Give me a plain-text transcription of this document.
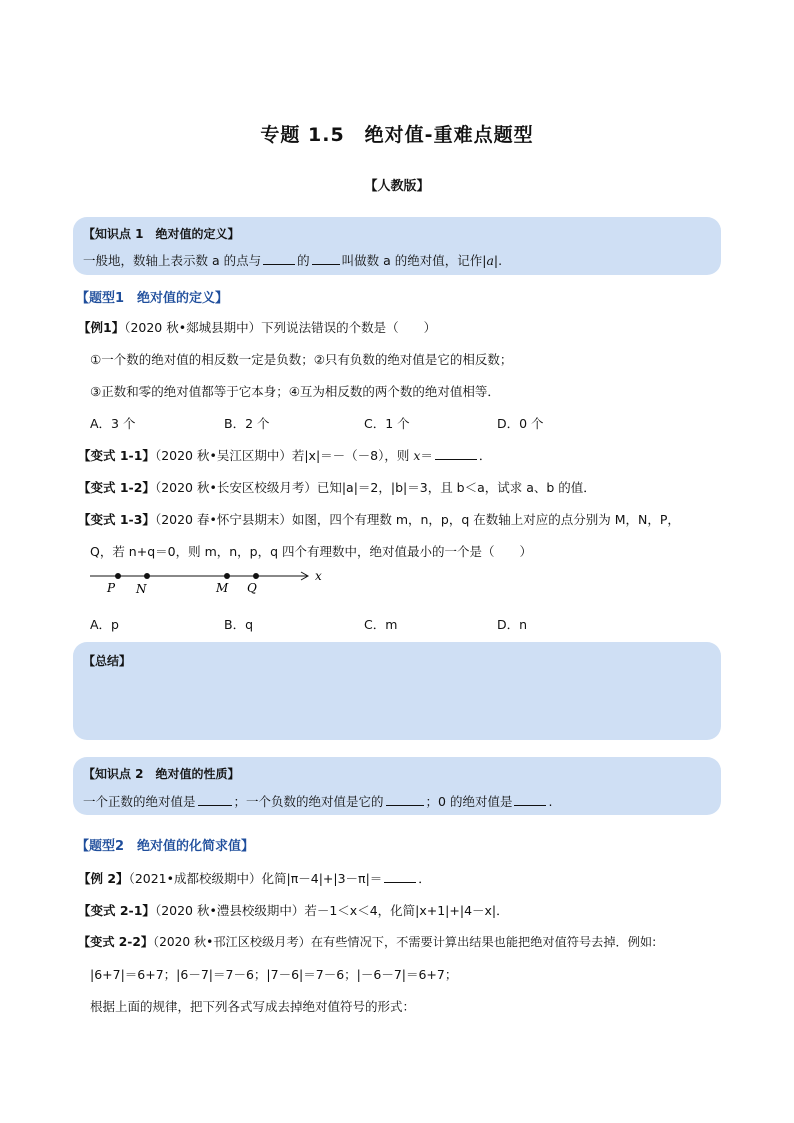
专题 1.5　绝对值-重难点题型
【人教版】
【知识点 1　绝对值的定义】
一般地，数轴上表示数 a 的点与	的	叫做数 a 的绝对值，记作|a|.
【题型1　绝对值的定义】
【例1】（2020 秋•郯城县期中）下列说法错误的个数是（　　）
①一个数的绝对值的相反数一定是负数；②只有负数的绝对值是它的相反数；
③正数和零的绝对值都等于它本身；④互为相反数的两个数的绝对值相等．
A．3 个	B．2 个	C．1 个	D．0 个
【变式 1-1】（2020 秋•吴江区期中）若|x|＝－（－8），则 x＝	．
【变式 1-2】（2020 秋•长安区校级月考）已知|a|＝2，|b|＝3，且 b＜a，试求 a、b 的值．
【变式 1-3】（2020 春•怀宁县期末）如图，四个有理数 m，n，p，q 在数轴上对应的点分别为 M，N，P，
Q，若 n+q＝0，则 m，n，p，q 四个有理数中，绝对值最小的一个是（　　）
x
P N	M Q
A．p	B．q	C．m	D．n
【总结】
【知识点 2　绝对值的性质】
一个正数的绝对值是	；一个负数的绝对值是它的	；0 的绝对值是	.
【题型2　绝对值的化简求值】
【例 2】（2021•成都校级期中）化简|π－4|+|3－π|＝	．
【变式 2-1】（2020 秋•澧县校级期中）若－1＜x＜4，化简|x+1|+|4－x|．
【变式 2-2】（2020 秋•邗江区校级月考）在有些情况下，不需要计算出结果也能把绝对值符号去掉．例如:
|6+7|＝6+7；|6－7|＝7－6；|7－6|＝7－6；|－6－7|＝6+7；
根据上面的规律，把下列各式写成去掉绝对值符号的形式：
